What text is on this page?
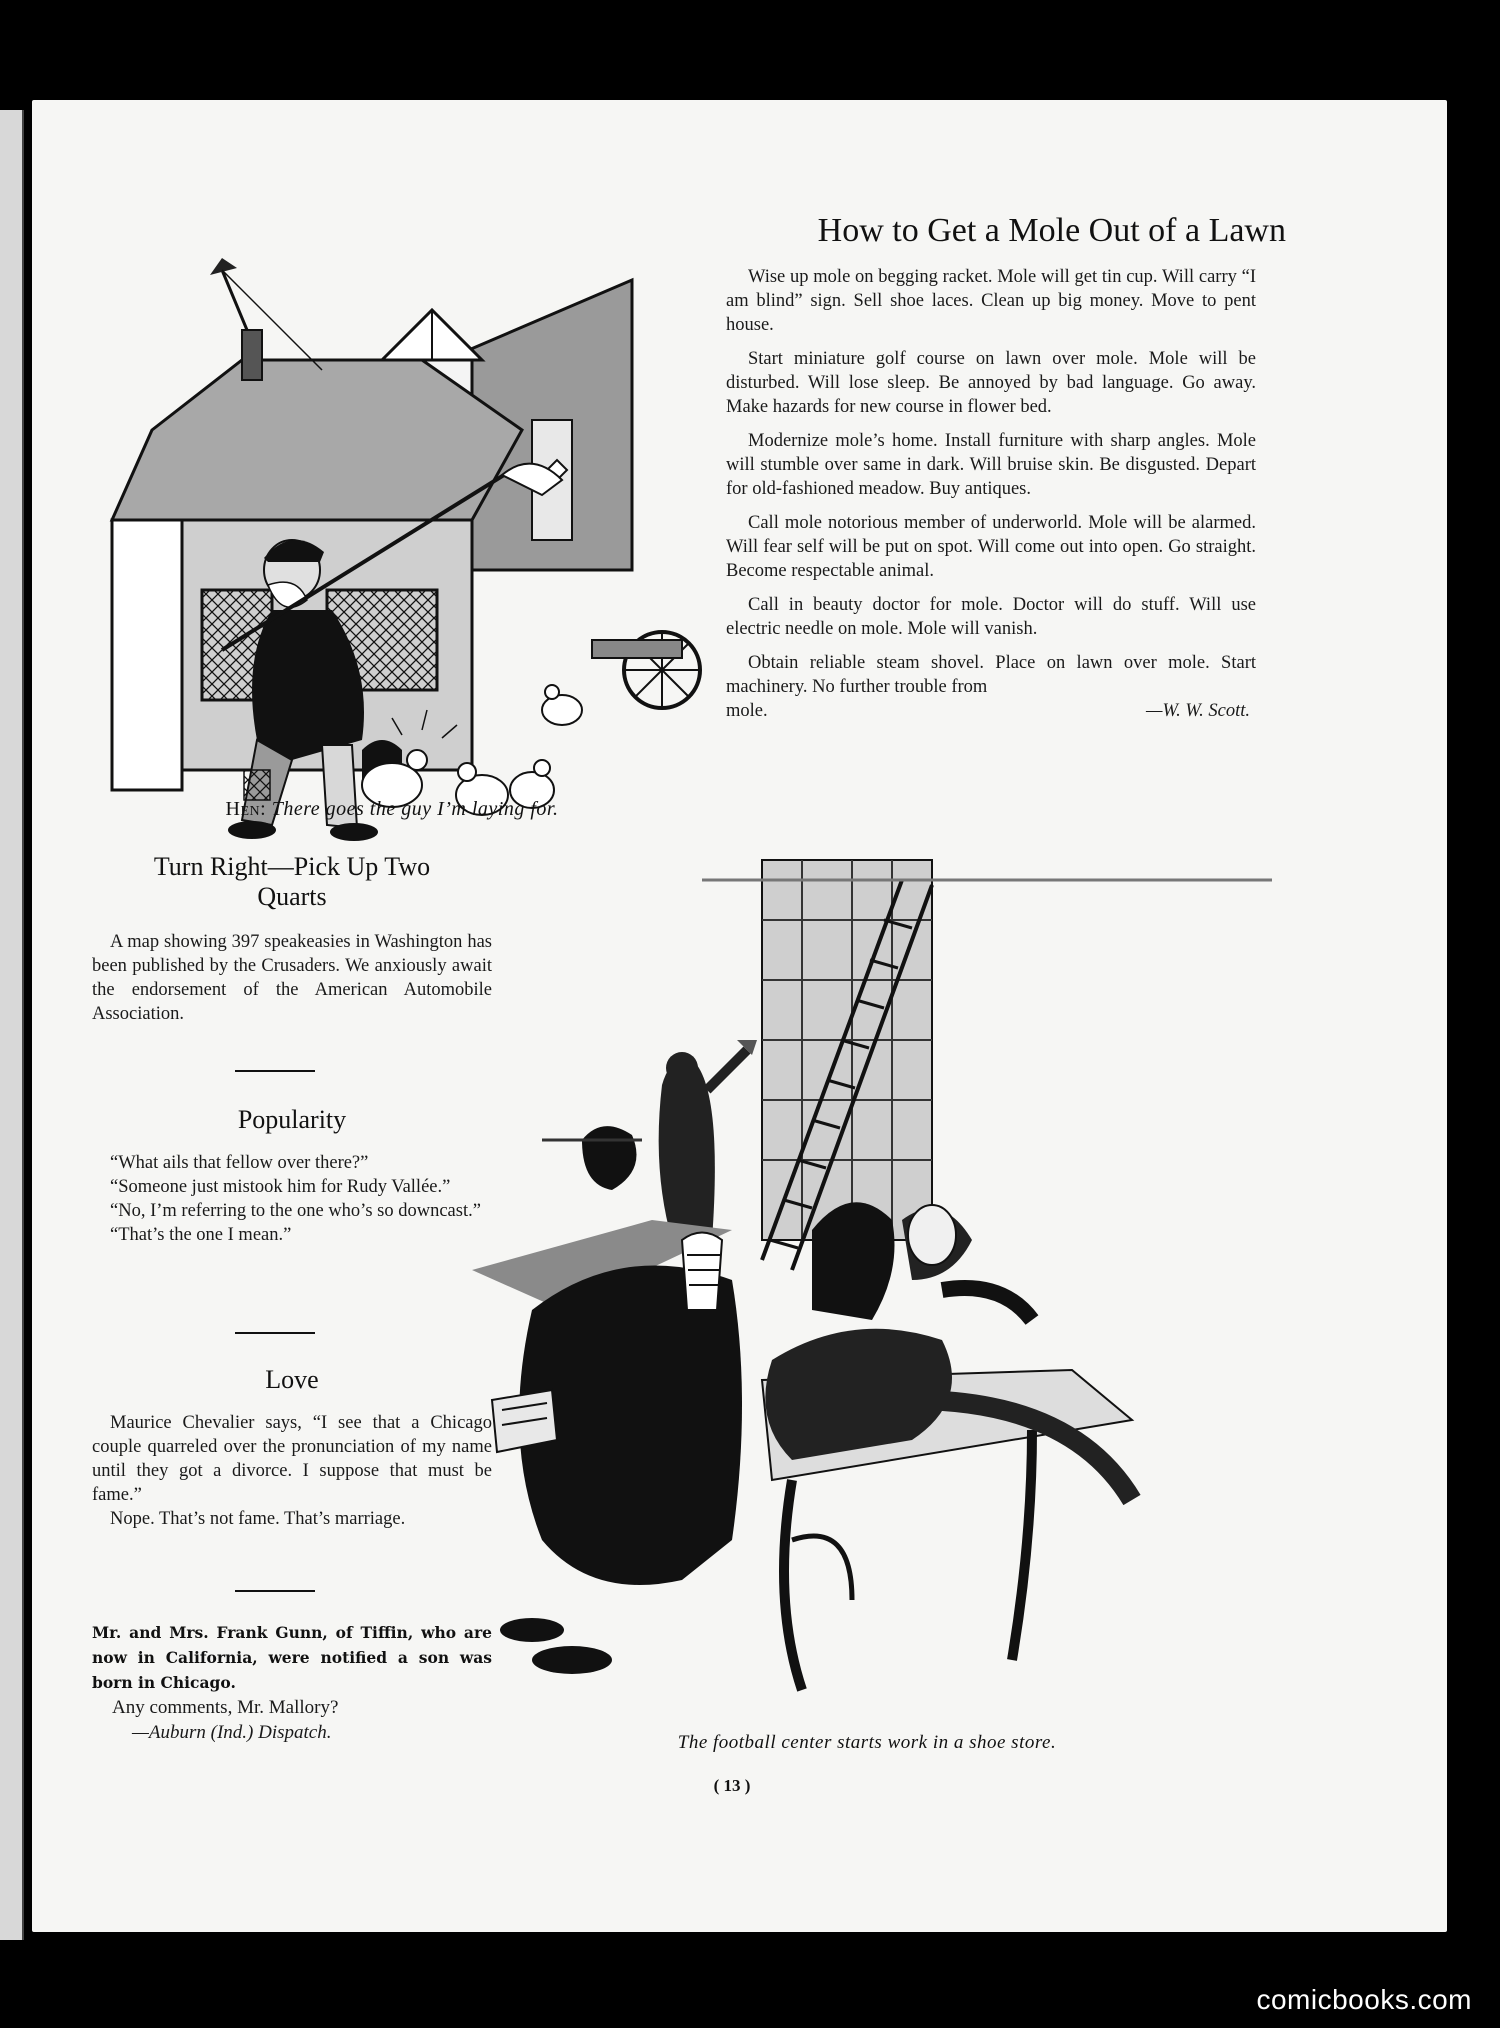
Hen: There goes the guy I’m laying for.
How to Get a Mole Out of a Lawn

Wise up mole on begging racket. Mole will get tin cup. Will carry “I am blind” sign. Sell shoe laces. Clean up big money. Move to pent house.

Start miniature golf course on lawn over mole. Mole will be disturbed. Will lose sleep. Be annoyed by bad language. Go away. Make hazards for new course in flower bed.

Modernize mole’s home. Install furniture with sharp angles. Mole will stumble over same in dark. Will bruise skin. Be disgusted. Depart for old-fashioned meadow. Buy antiques.

Call mole notorious member of underworld. Mole will be alarmed. Will fear self will be put on spot. Will come out into open. Go straight. Become respectable animal.

Call in beauty doctor for mole. Doctor will do stuff. Will use electric needle on mole. Mole will vanish.

Obtain reliable steam shovel. Place on lawn over mole. Start machinery. No further trouble from

mole.	—W. W. Scott.
Turn Right—Pick Up Two
Quarts
A map showing 397 speakeasies in Washington has been published by the Crusaders. We anxiously await the endorsement of the American Automobile Association.
Popularity
“What ails that fellow over there?”
“Someone just mistook him for Rudy Vallée.”
“No, I’m referring to the one who’s so downcast.”
“That’s the one I mean.”
Love
Maurice Chevalier says, “I see that a Chicago couple quarreled over the pronunciation of my name until they got a divorce. I suppose that must be fame.”
Nope. That’s not fame. That’s marriage.
Mr. and Mrs. Frank Gunn, of Tiffin, who are now in California, were notified a son was born in Chicago.
Any comments, Mr. Mallory?
—Auburn (Ind.) Dispatch.	The football center starts work in a shoe store.
( 13 )
comicbooks.com
